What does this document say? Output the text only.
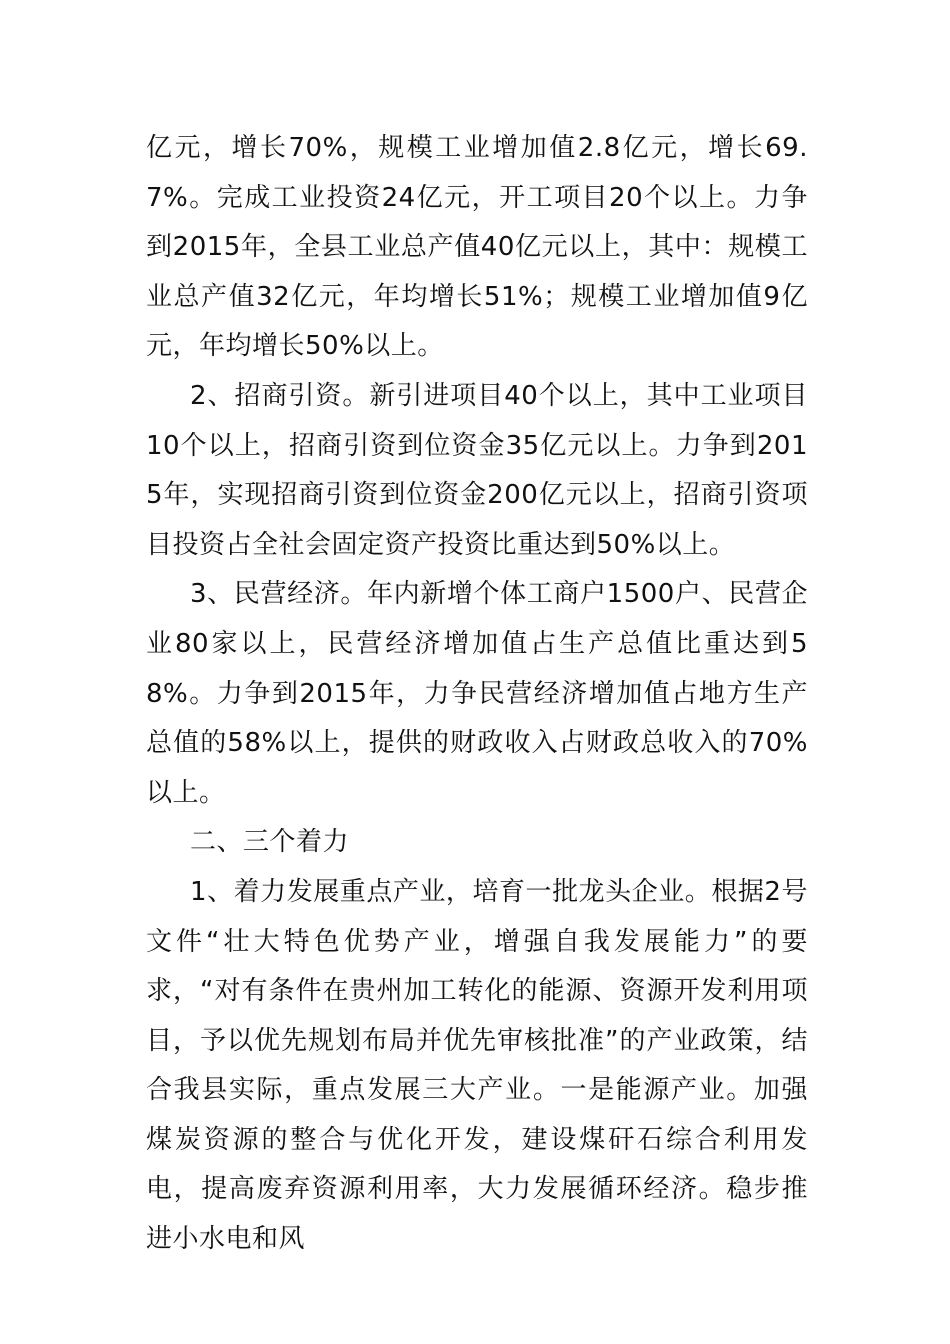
亿元，增长70%，规模工业增加值2.8亿元，增长69.7%。完成工业投资24亿元，开工项目20个以上。力争到2015年，全县工业总产值40亿元以上，其中：规模工业总产值32亿元，年均增长51%；规模工业增加值9亿元，年均增长50%以上。

2、招商引资。新引进项目40个以上，其中工业项目10个以上，招商引资到位资金35亿元以上。力争到2015年，实现招商引资到位资金200亿元以上，招商引资项目投资占全社会固定资产投资比重达到50%以上。

3、民营经济。年内新增个体工商户1500户、民营企业80家以上，民营经济增加值占生产总值比重达到58%。力争到2015年，力争民营经济增加值占地方生产总值的58%以上，提供的财政收入占财政总收入的70%以上。

二、三个着力

1、着力发展重点产业，培育一批龙头企业。根据2号文件“壮大特色优势产业，增强自我发展能力”的要求，“对有条件在贵州加工转化的能源、资源开发利用项目，予以优先规划布局并优先审核批准”的产业政策，结合我县实际，重点发展三大产业。一是能源产业。加强煤炭资源的整合与优化开发，建设煤矸石综合利用发电，提高废弃资源利用率，大力发展循环经济。稳步推进小水电和风
